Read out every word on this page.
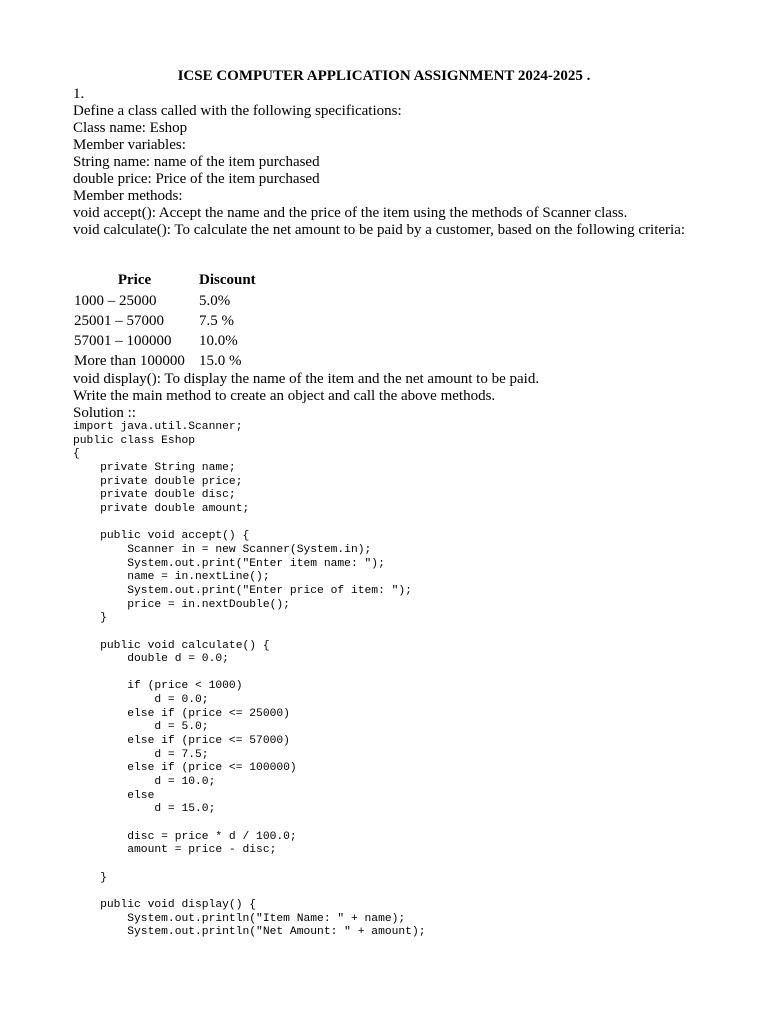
ICSE COMPUTER APPLICATION ASSIGNMENT 2024-2025 .

1.

Define a class called with the following specifications:

Class name: Eshop

Member variables:

String name: name of the item purchased

double price: Price of the item purchased

Member methods:

void accept(): Accept the name and the price of the item using the methods of Scanner class.

void calculate(): To calculate the net amount to be paid by a customer, based on the following criteria:

Price	Discount
1000 – 25000	5.0%
25001 – 57000	7.5 %
57001 – 100000	10.0%
More than 100000	15.0 %

void display(): To display the name of the item and the net amount to be paid.

Write the main method to create an object and call the above methods.

Solution ::

import java.util.Scanner;
public class Eshop
{
private String name;
private double price;
private double disc;
private double amount;

public void accept() {
Scanner in = new Scanner(System.in);
System.out.print("Enter item name: ");
name = in.nextLine();
System.out.print("Enter price of item: ");
price = in.nextDouble();
}

public void calculate() {
double d = 0.0;

if (price < 1000)
d = 0.0;
else if (price <= 25000)
d = 5.0;
else if (price <= 57000)
d = 7.5;
else if (price <= 100000)
d = 10.0;
else
d = 15.0;

disc = price * d / 100.0;
amount = price - disc;

}

public void display() {
System.out.println("Item Name: " + name);
System.out.println("Net Amount: " + amount);
